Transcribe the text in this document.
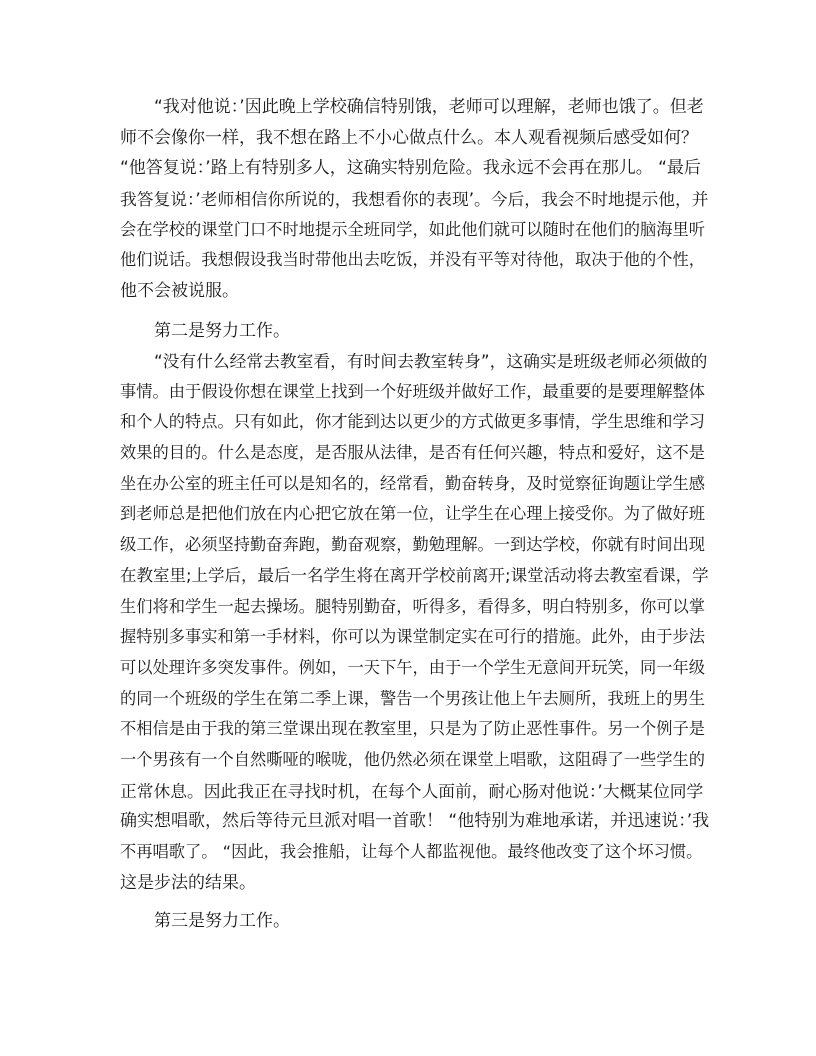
“我对他说：’因此晚上学校确信特别饿，老师可以理解，老师也饿了。但老
师不会像你一样，我不想在路上不小心做点什么。本人观看视频后感受如何？
“他答复说：’路上有特别多人，这确实特别危险。我永远不会再在那儿。 “最后
我答复说：’老师相信你所说的，我想看你的表现’。今后，我会不时地提示他，并
会在学校的课堂门口不时地提示全班同学，如此他们就可以随时在他们的脑海里听
他们说话。我想假设我当时带他出去吃饭，并没有平等对待他，取决于他的个性，
他不会被说服。
第二是努力工作。
“没有什么经常去教室看，有时间去教室转身”，这确实是班级老师必须做的
事情。由于假设你想在课堂上找到一个好班级并做好工作，最重要的是要理解整体
和个人的特点。只有如此，你才能到达以更少的方式做更多事情，学生思维和学习
效果的目的。什么是态度，是否服从法律，是否有任何兴趣，特点和爱好，这不是
坐在办公室的班主任可以是知名的，经常看，勤奋转身，及时觉察征询题让学生感
到老师总是把他们放在内心把它放在第一位，让学生在心理上接受你。为了做好班
级工作，必须坚持勤奋奔跑，勤奋观察，勤勉理解。一到达学校，你就有时间出现
在教室里;上学后，最后一名学生将在离开学校前离开;课堂活动将去教室看课，学
生们将和学生一起去操场。腿特别勤奋，听得多，看得多，明白特别多，你可以掌
握特别多事实和第一手材料，你可以为课堂制定实在可行的措施。此外，由于步法
可以处理许多突发事件。例如，一天下午，由于一个学生无意间开玩笑，同一年级
的同一个班级的学生在第二季上课，警告一个男孩让他上午去厕所，我班上的男生
不相信是由于我的第三堂课出现在教室里，只是为了防止恶性事件。另一个例子是
一个男孩有一个自然嘶哑的喉咙，他仍然必须在课堂上唱歌，这阻碍了一些学生的
正常休息。因此我正在寻找时机，在每个人面前，耐心肠对他说：’大概某位同学
确实想唱歌，然后等待元旦派对唱一首歌！ “他特别为难地承诺，并迅速说：’我
不再唱歌了。 “因此，我会推船，让每个人都监视他。最终他改变了这个坏习惯。
这是步法的结果。
第三是努力工作。
